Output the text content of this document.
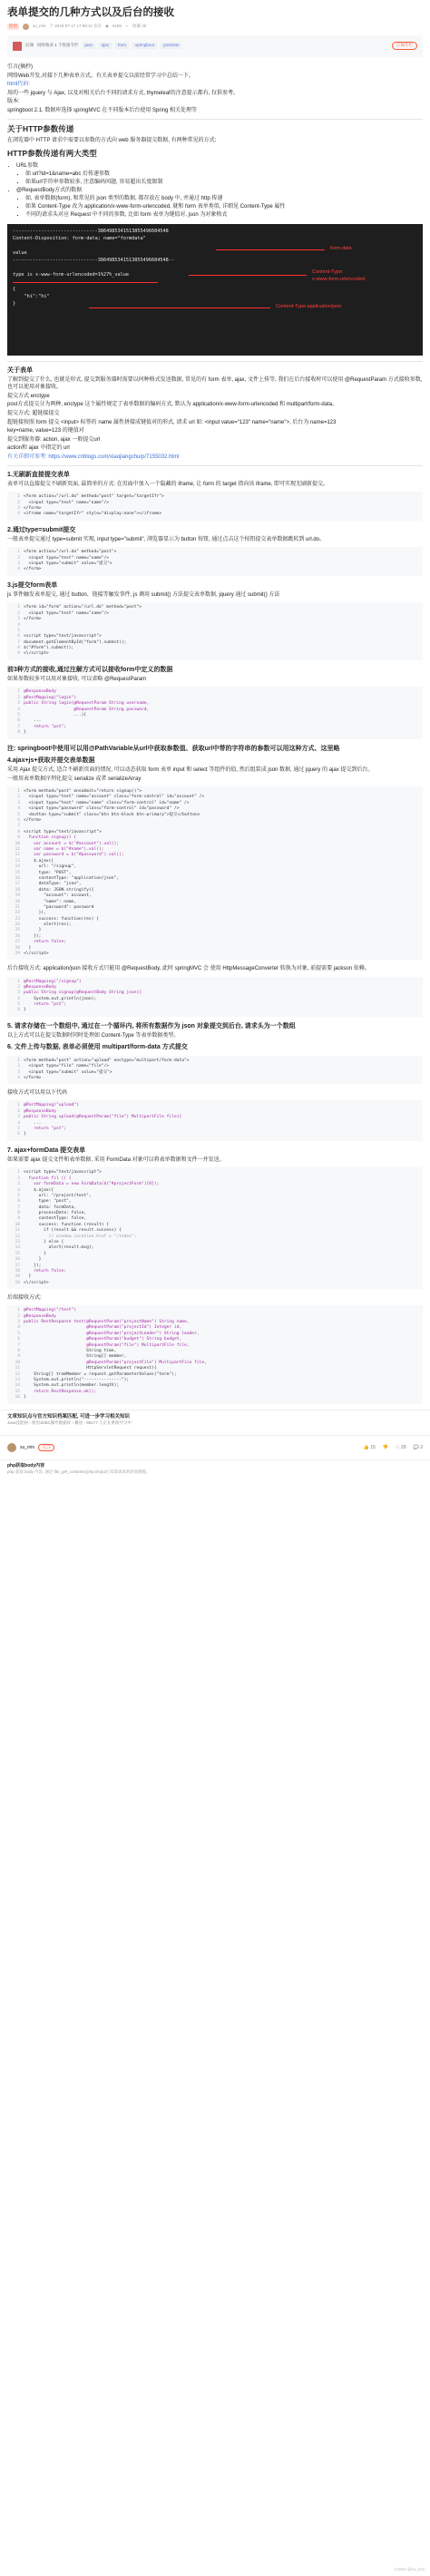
表单提交的几种方式以及后台的接收
原创	su_min 于 2019-07-17 17:58:11 发布 ◉ 5199 ☆ 收藏 29
后端 同时收录 1 个优质专栏	java	ajax	form	springboot	postman	订阅专栏

引言(摘抄)

网络Web开发,对接下几种表单方式。有关表单提交以前经常学习中总结一下。

html代码:

用的一些 jquery 与 Ajax, 以及对相关后台不同的请求方式, thymeleaf的注意提示都有, 仅供参考。

版本:

springboot 2.1. 数据库选择 springMVC 在不同版本后台使用 Spring 相关处理等

关于HTTP参数传递

在浏览器中 HTTP 请求中需要以参数的方式向 web 服务器提交数据, 有两种常见的方式:

HTTP参数传递有两大类型
• URL参数
▪ 如 url?id=1&name=abc 后传递参数
▪ 如果url字符串参数较多, 注意编码问题, 容易超出长度限制
• @RequestBody方式的数据
▪ 如, 表单数据(form), 和常见的 json 类型的数据, 都存放在 body 中, 并通过 http 传递
▪ 如果 Content-Type 改为 application/x-www-form-urlencoded, 就和 form 表单类似, 详细见 Content-Type 属性
▪ 不同的请求头对应 Request 中不同的参数, 比如 form 表单为键值对, json 为对象格式
------------------------------3864985341513855496684548
Content-Disposition: form-data; name="formdata"
value
------------------------------3864985341513855496684548--
type is x-www-form-urlencoded=1%27%_value
{
"hi":"hi"
}
form-data
Content-Type:
x-www-form-urlencoded
Content-Type:application/json
关于表单

了解到提交了什么, 也就是形式, 提交到服务器时需要以何种格式发送数据, 常见的有 form 表单, ajax, 文件上传等, 我们在后台接收时可以使用 @RequestParam 方式接收参数, 也可以使用对象接收。

提交方式 enctype

post方式提交分为两种, enctype 这个属性规定了表单数据的编码方式, 默认为 application/x-www-form-urlencoded 和 multipart/form-data。

提交方式: 超链接提交

超链接按照 form 提交 <input> 标签的 name 属性拼接成键值对的形式, 请求 url 如: <input value="123" name="name">, 后台为 name=123

key=name, value=123 的键值对

提交到服务器: action, ajax 一般提交url

action和 ajax 中指定的 url

有关详细可参考: https://www.cnblogs.com/xiaojiangchu/p/7155032.html

1.无刷新直接提交表单

表单可以直接提交不刷新页面, 最简单的方式: 在页面中加入一个隐藏的 iframe, 让 form 的 target 指向该 iframe, 即可实现无刷新提交。

1 <form action="/url.do" method="post" target="targetIfr">
2 <input type="text" name="name"/>
3 </form>
4 <iframe name="targetIfr" style="display:none"></iframe>
2.通过type=submit提交

一般表单提交通过 type=submit 实现, input type="submit", 浏览器显示为 button 按钮, 通过点击这个按钮提交表单数据跳转到 url.do。

1 <form action="/url.do" method="post">
2 <input type="text" name="name"/>
3 <input type="submit" value="提交">
4 </form>
3.js提交form表单

js 事件触发表单提交, 通过 button、链接等触发事件, js 调用 submit() 方法提交表单数据, jquery 通过 submit() 方法

1 <form id="form" action="/url.do" method="post">
2 <input type="text" name="name"/>
3 </form>
4
5
6 <script type="text/javascript">
7 document.getElementById("form").submit();
8 $("#form").submit();
9 <\/script>
前3种方式的接收,通过注解方式可以接收form中定义的数据

如果参数较多可以用对象接收, 可以省略 @RequestParam

1 @ResponseBody
2 @PostMapping("login")
3 public String login(@RequestParam String username,
4 @RequestParam String password,
5 ...){
6 ...
7 return "pst";
8 }
注: springboot中使用可以用@PathVariable从url中获取参数值、获取url中带的字符串的参数可以用这种方式、这里略
4.ajax+js+获取并提交表单数据

采用 Ajax 提交方式, 适合不刷新页面的情况, 可以动态获取 form 表单 input 和 select 等组件的值, 然后组装成 json 数据, 通过 jquery 的 ajax 提交到后台。

一般用表单数据序列化提交 serialize 或者 serializeArray

1 <form method="post" onsubmit="return signup()">
2 <input type="text" name="account" class="form-control" id="account" />
3 <input type="text" name="name" class="form-control" id="name" />
4 <input type="password" class="form-control" id="password" />
5 <button type="submit" class="btn btn-block btn-primary">提交</button>
6 </form>
7
8 <script type="text/javascript">
9 function signup() {
10 var account = $("#account").val();
11 var name = $("#name").val();
12 var password = $("#password").val();
13 $.ajax({
14 url: "/signup",
15 type: "POST",
16 contentType: "application/json",
17 dataType: "json",
18 data: JSON.stringify({
19 "account": account,
20 "name": name,
21 "password": password
22 }),
23 success: function(res) {
24 alert(res);
25 }
26 });
27 return false;
28 }
29 <\/script>

后台接收方式: application/json 接收方式只能用 @RequestBody, 此时 springMVC 会 使用 HttpMessageConverter 转换为对象, 前提需要 jackson 依赖。

1 @PostMapping("/signup")
2 @ResponseBody
3 public String signup(@RequestBody String json){
4 System.out.println(json);
5 return "pst";
6 }
5. 请求存储在一个数组中, 通过在一个循环内, 将所有数据作为 json 对象提交到后台, 请求头为一个数组

以上方式可以在提交数据时同时处理如 Content-Type 等表单数据类型。

6. 文件上传与数据, 表单必须使用 multipart/form-data 方式提交
1 <form method="post" action="upload" enctype="multipart/form-data">
2 <input type="file" name="file"/>
3 <input type="submit" value="提交">
4 </form>

接收方式可以用以下代码

1 @PostMapping("upload")
2 @ResponseBody
3 public String upload(@RequestParam("file") MultipartFile file){
4 ...
5 return "pst";
6 }
7. ajax+formData 提交表单

如果需要 ajax 提交文件和表单数据, 采用 FormData 对象可以将表单数据和文件一并发送。

1 <script type="text/javascript">
2 function fil () {
3 var formData = new FormData($("#projectForm")[0]);
4 $.ajax({
5 url: "/project/test",
6 type: "post",
7 data: formData,
8 processData: false,
9 contentType: false,
10 success: function (result) {
11 if (result && result.success) {
12 // window.location.href = "/index";
13 } else {
14 alert(result.msg);
15 }
16 }
17 });
18 return false;
19 }
20 <\/script>

后端接收方式:

1 @PostMapping("/test")
2 @ResponseBody
3 public RestResponse test(@RequestParam("projectName") String name,
4 @RequestParam("projectId") Integer id,
5 @RequestParam("projectLeader") String leader,
6 @RequestParam("budget") String budget,
7 @RequestParam("file") MultipartFile file,
8 String time,
9 String[] member,
10 @RequestParam("projectFile") MultipartFile file,
11 HttpServletRequest request){
12 String[] tremMember = request.getParameterValues("term");
13 System.out.println("---------------");
14 System.out.println(member.length);
15 return RestResponse.ok();
16 }
文章知识点与官方知识档案匹配, 可进一步学习相关知识
Java技能树 › 使用JDBC操作数据库 › 概述 · 98177 人正在系统学习中
su_min	关注	👍 15 👎 ☆ 29 💬 2
php获取body内容
php 获取 body 内容, 通过 file_get_contents('php://input') 读取请求的原始数据。
CSDN @su_min
